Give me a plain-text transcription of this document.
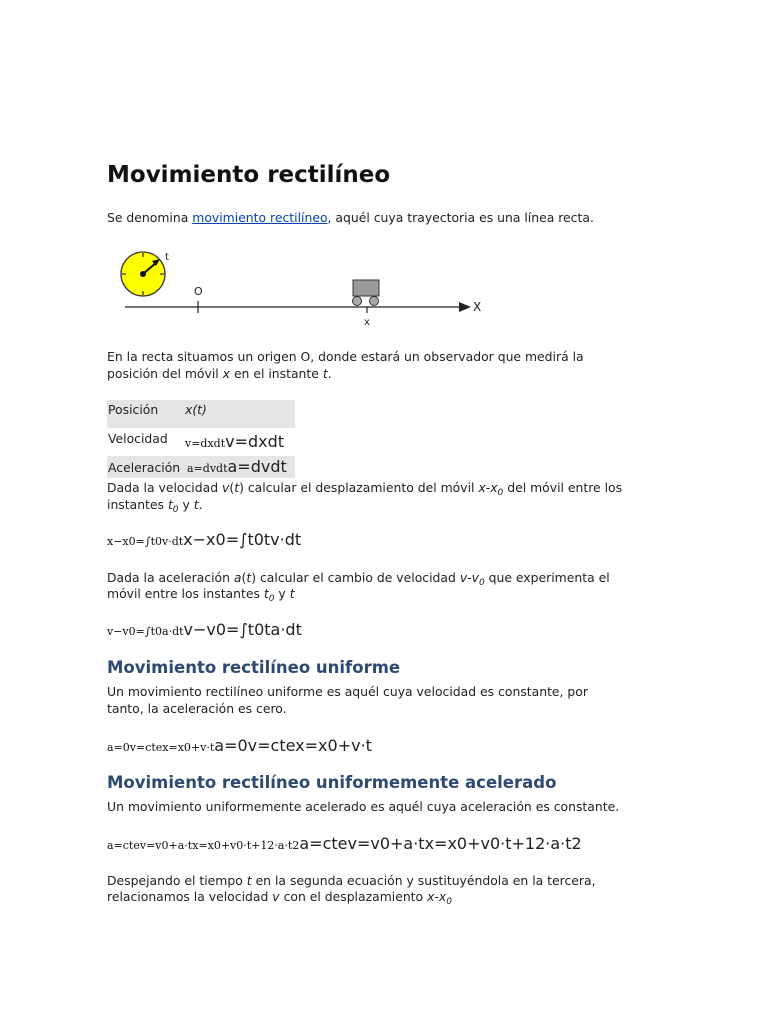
Movimiento rectilíneo
Se denomina movimiento rectilíneo, aquél cuya trayectoria es una línea recta.
t
X
O
x
En la recta situamos un origen O, donde estará un observador que medirá la
posición del móvil x en el instante t.
Posición x(t)
Velocidad v=dxdtv=dxdt
Aceleración a=dvdta=dvdt
Dada la velocidad v(t) calcular el desplazamiento del móvil $x-x_0$ del móvil entre los
instantes $t_0$ y t.
x−x0=∫t0v·dtx−x0=∫t0tv·dt
Dada la aceleración a(t) calcular el cambio de velocidad $v-v_0$ que experimenta el
móvil entre los instantes $t_0$ y t
v−v0=∫t0a·dtv−v0=∫t0ta·dt
Movimiento rectilíneo uniforme
Un movimiento rectilíneo uniforme es aquél cuya velocidad es constante, por
tanto, la aceleración es cero.
a=0v=ctex=x0+v·ta=0v=ctex=x0+v·t
Movimiento rectilíneo uniformemente acelerado
Un movimiento uniformemente acelerado es aquél cuya aceleración es constante.
a=ctev=v0+a·tx=x0+v0·t+12·a·t2a=ctev=v0+a·tx=x0+v0·t+12·a·t2
Despejando el tiempo t en la segunda ecuación y sustituyéndola en la tercera,
relacionamos la velocidad v con el desplazamiento $x-x_0$
